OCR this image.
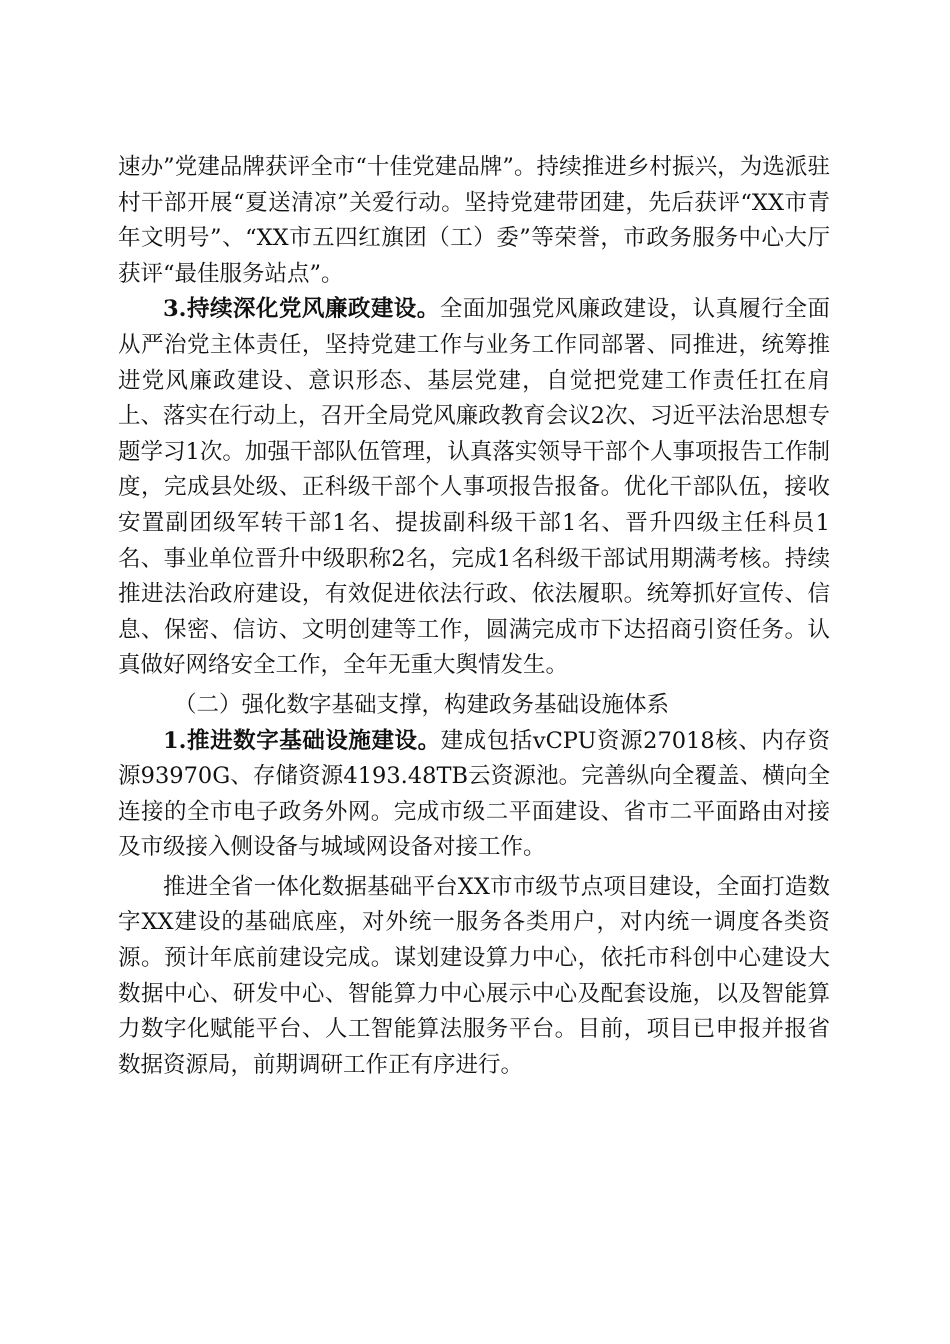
速办”党建品牌获评全市“十佳党建品牌”。持续推进乡村振兴，为选派驻村干部开展“夏送清凉”关爱行动。坚持党建带团建，先后获评“XX市青年文明号”、“XX市五四红旗团（工）委”等荣誉，市政务服务中心大厅获评“最佳服务站点”。

3.持续深化党风廉政建设。全面加强党风廉政建设，认真履行全面从严治党主体责任，坚持党建工作与业务工作同部署、同推进，统筹推进党风廉政建设、意识形态、基层党建，自觉把党建工作责任扛在肩上、落实在行动上，召开全局党风廉政教育会议2次、习近平法治思想专题学习1次。加强干部队伍管理，认真落实领导干部个人事项报告工作制度，完成县处级、正科级干部个人事项报告报备。优化干部队伍，接收安置副团级军转干部1名、提拔副科级干部1名、晋升四级主任科员1名、事业单位晋升中级职称2名，完成1名科级干部试用期满考核。持续推进法治政府建设，有效促进依法行政、依法履职。统筹抓好宣传、信息、保密、信访、文明创建等工作，圆满完成市下达招商引资任务。认真做好网络安全工作，全年无重大舆情发生。

（二）强化数字基础支撑，构建政务基础设施体系

1.推进数字基础设施建设。建成包括vCPU资源27018核、内存资源93970G、存储资源4193.48TB云资源池。完善纵向全覆盖、横向全连接的全市电子政务外网。完成市级二平面建设、省市二平面路由对接及市级接入侧设备与城域网设备对接工作。

推进全省一体化数据基础平台XX市市级节点项目建设，全面打造数字XX建设的基础底座，对外统一服务各类用户，对内统一调度各类资源。预计年底前建设完成。谋划建设算力中心，依托市科创中心建设大数据中心、研发中心、智能算力中心展示中心及配套设施，以及智能算力数字化赋能平台、人工智能算法服务平台。目前，项目已申报并报省数据资源局，前期调研工作正有序进行。
